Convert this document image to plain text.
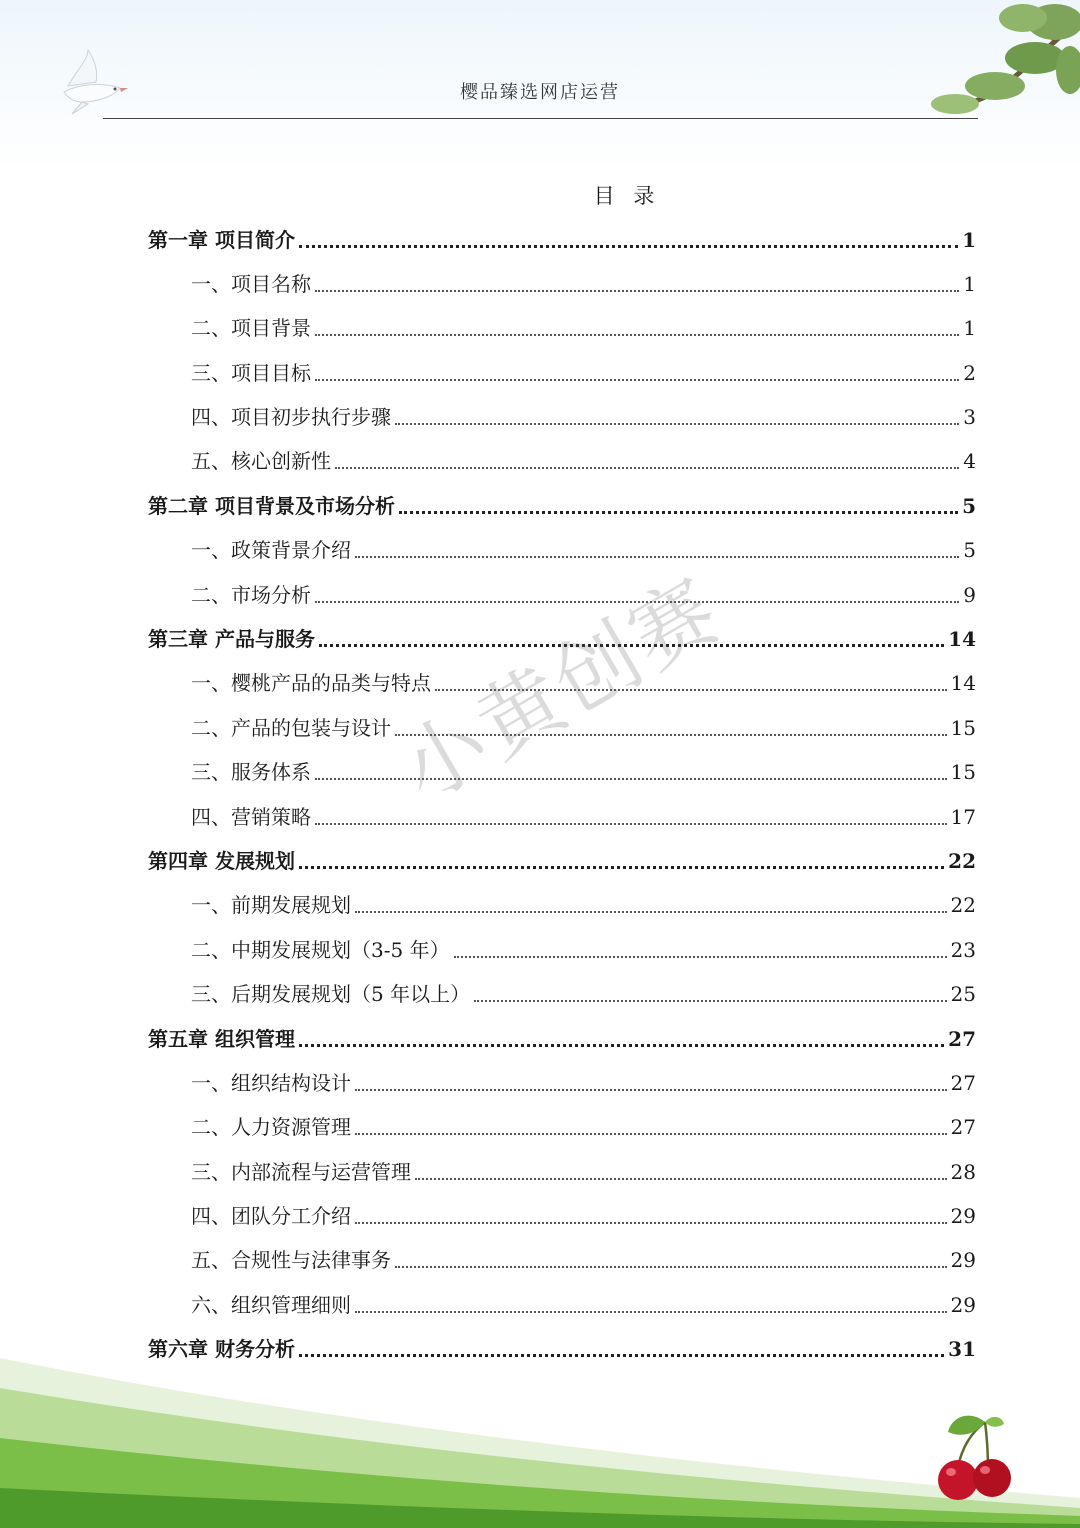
樱品臻选网店运营
目 录
第一章 项目简介	1
一、项目名称	1
二、项目背景	1
三、项目目标	2
四、项目初步执行步骤	3
五、核心创新性	4
第二章 项目背景及市场分析	5
一、政策背景介绍	5
二、市场分析	9
第三章 产品与服务	14
一、樱桃产品的品类与特点	14
二、产品的包装与设计	15
三、服务体系	15
四、营销策略	17
第四章 发展规划	22
一、前期发展规划	22
二、中期发展规划（3-5 年）	23
三、后期发展规划（5 年以上）	25
第五章 组织管理	27
一、组织结构设计	27
二、人力资源管理	27
三、内部流程与运营管理	28
四、团队分工介绍	29
五、合规性与法律事务	29
六、组织管理细则	29
第六章 财务分析	31
小黄创赛
